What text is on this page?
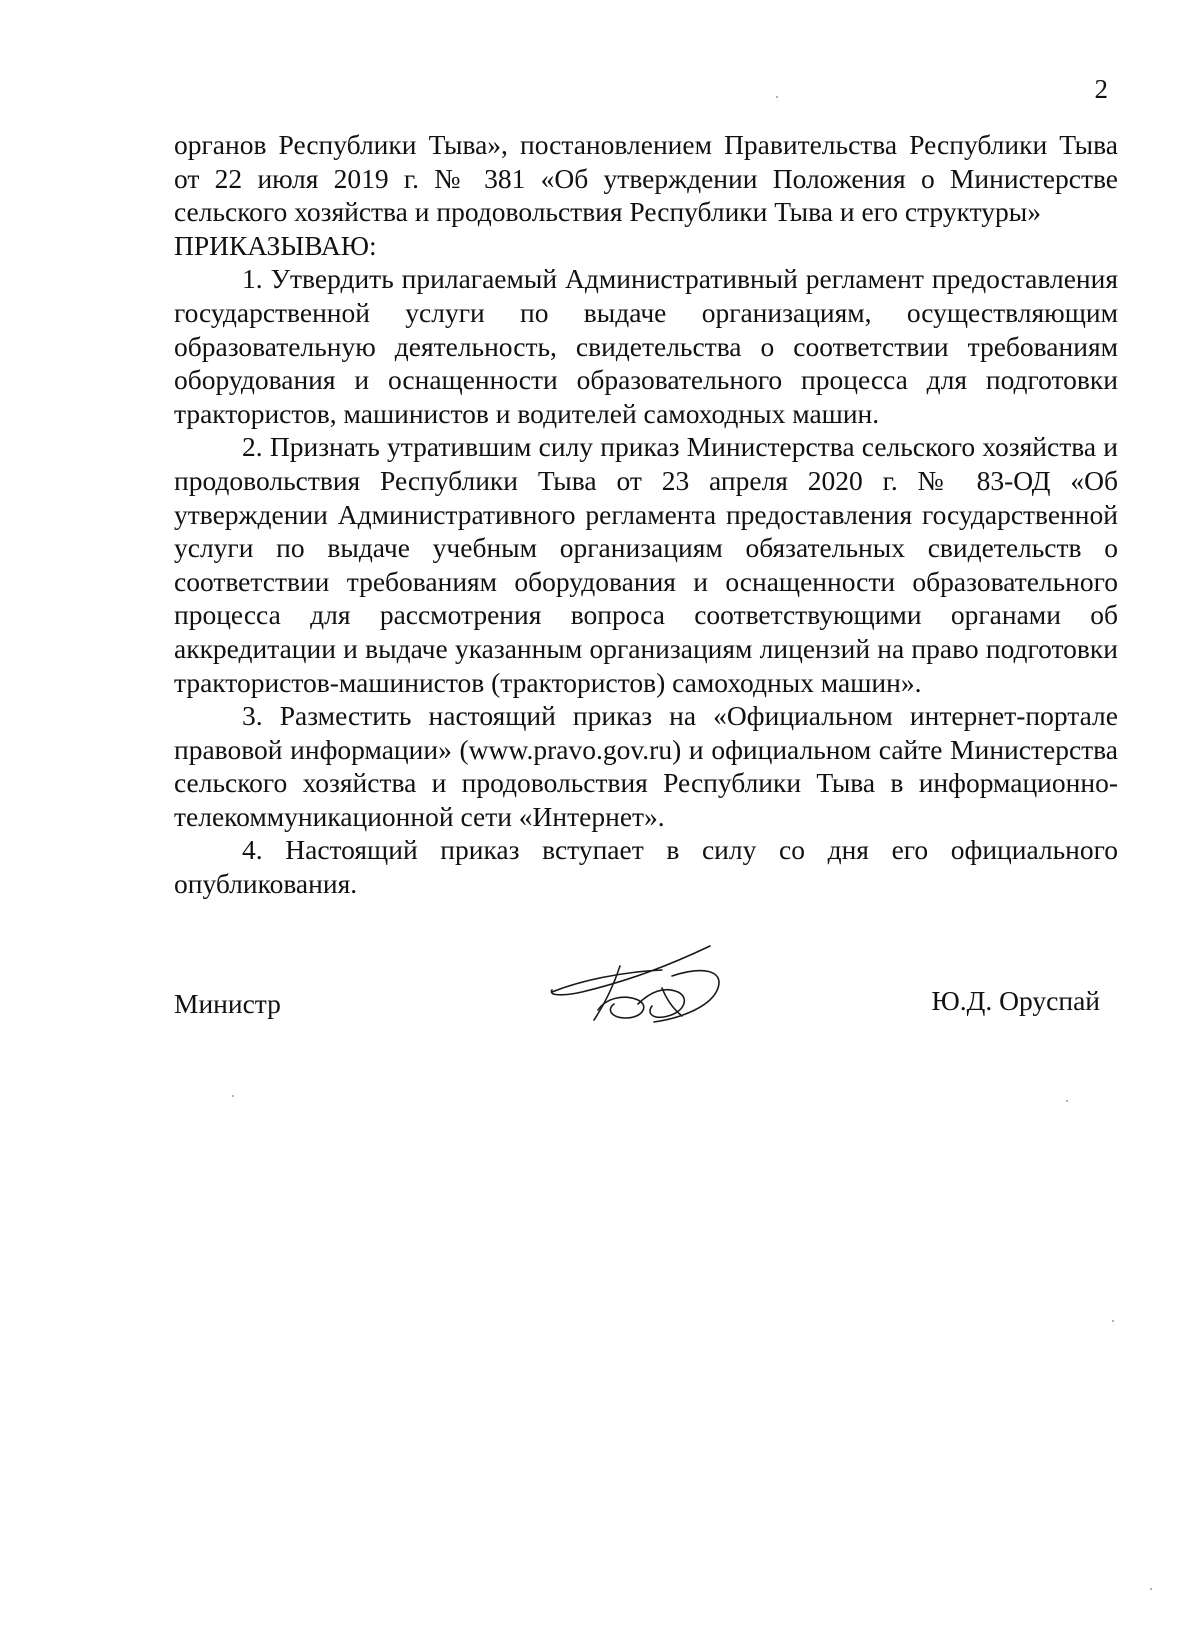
2

органов Республики Тыва», постановлением Правительства Республики Тыва от 22 июля 2019 г. № 381 «Об утверждении Положения о Министерстве сельского хозяйства и продовольствия Республики Тыва и его структуры»

ПРИКАЗЫВАЮ:

1. Утвердить прилагаемый Административный регламент предоставления государственной услуги по выдаче организациям, осуществляющим образовательную деятельность, свидетельства о соответствии требованиям оборудования и оснащенности образовательного процесса для подготовки трактористов, машинистов и водителей самоходных машин.

2. Признать утратившим силу приказ Министерства сельского хозяйства и продовольствия Республики Тыва от 23 апреля 2020 г. № 83-ОД «Об утверждении Административного регламента предоставления государственной услуги по выдаче учебным организациям обязательных свидетельств о соответствии требованиям оборудования и оснащенности образовательного процесса для рассмотрения вопроса соответствующими органами об аккредитации и выдаче указанным организациям лицензий на право подготовки трактористов-машинистов (трактористов) самоходных машин».

3. Разместить настоящий приказ на «Официальном интернет-портале правовой информации» (www.pravo.gov.ru) и официальном сайте Министерства сельского хозяйства и продовольствия Республики Тыва в информационно-телекоммуникационной сети «Интернет».

4. Настоящий приказ вступает в силу со дня его официального опубликования.

Министр	Ю.Д. Оруспай
